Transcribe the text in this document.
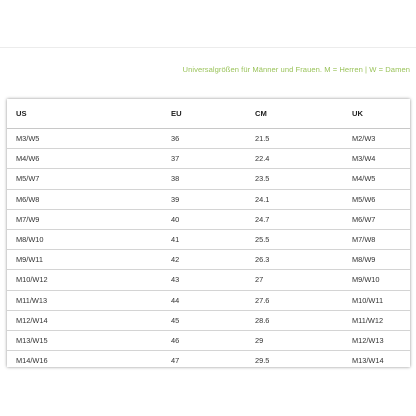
Universalgrößen für Männer und Frauen. M = Herren | W = Damen
US	EU	CM	UK
M3/W5	36	21.5	M2/W3
M4/W6	37	22.4	M3/W4
M5/W7	38	23.5	M4/W5
M6/W8	39	24.1	M5/W6
M7/W9	40	24.7	M6/W7
M8/W10	41	25.5	M7/W8
M9/W11	42	26.3	M8/W9
M10/W12	43	27	M9/W10
M11/W13	44	27.6	M10/W11
M12/W14	45	28.6	M11/W12
M13/W15	46	29	M12/W13
M14/W16	47	29.5	M13/W14
